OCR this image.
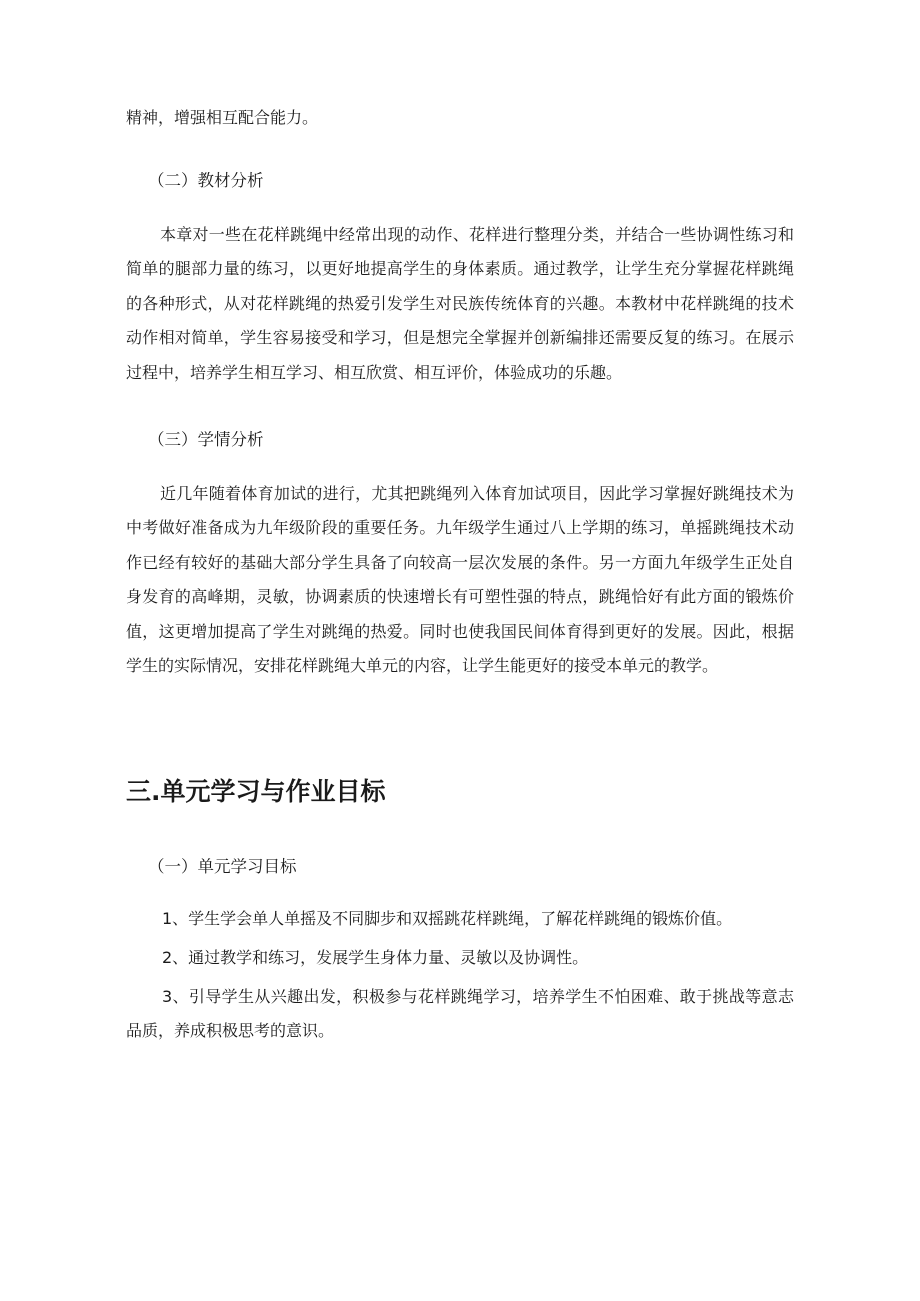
精神，增强相互配合能力。

（二）教材分析

本章对一些在花样跳绳中经常出现的动作、花样进行整理分类，并结合一些协调性练习和简单的腿部力量的练习，以更好地提高学生的身体素质。通过教学，让学生充分掌握花样跳绳的各种形式，从对花样跳绳的热爱引发学生对民族传统体育的兴趣。本教材中花样跳绳的技术动作相对简单，学生容易接受和学习，但是想完全掌握并创新编排还需要反复的练习。在展示过程中，培养学生相互学习、相互欣赏、相互评价，体验成功的乐趣。

（三）学情分析

近几年随着体育加试的进行，尤其把跳绳列入体育加试项目，因此学习掌握好跳绳技术为中考做好准备成为九年级阶段的重要任务。九年级学生通过八上学期的练习，单摇跳绳技术动作已经有较好的基础大部分学生具备了向较高一层次发展的条件。另一方面九年级学生正处自身发育的高峰期，灵敏，协调素质的快速增长有可塑性强的特点，跳绳恰好有此方面的锻炼价值，这更增加提高了学生对跳绳的热爱。同时也使我国民间体育得到更好的发展。因此，根据学生的实际情况，安排花样跳绳大单元的内容，让学生能更好的接受本单元的教学。

三.单元学习与作业目标

（一）单元学习目标

1、学生学会单人单摇及不同脚步和双摇跳花样跳绳，了解花样跳绳的锻炼价值。

2、通过教学和练习，发展学生身体力量、灵敏以及协调性。

3、引导学生从兴趣出发，积极参与花样跳绳学习，培养学生不怕困难、敢于挑战等意志品质，养成积极思考的意识。
